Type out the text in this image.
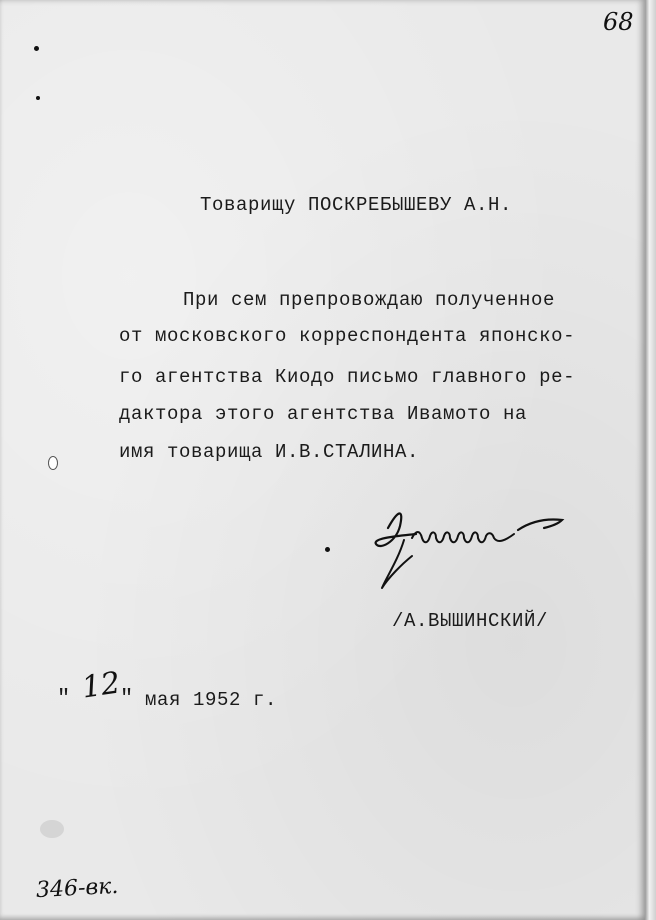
68
Товарищу ПОСКРЕБЫШЕВУ А.Н.
При сем препровождаю полученное
от московского корреспондента японско-
го агентства Киодо письмо главного ре-
дактора этого агентства Ивамото на
имя товарища И.В.СТАЛИНА.
/А.ВЫШИНСКИЙ/
" 12
" мая 1952 г.
346-вк.
